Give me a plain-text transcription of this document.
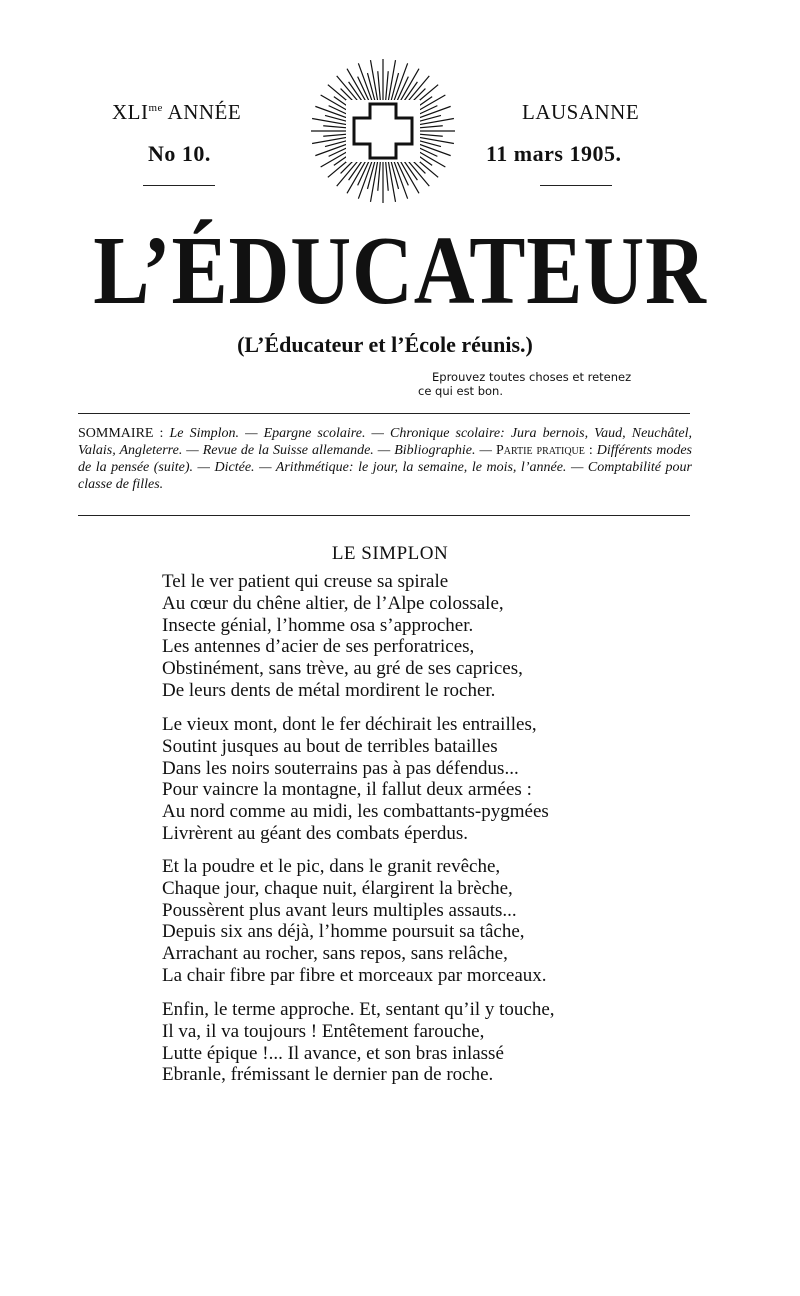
$XLI^{me}$ ANNÉE
No 10.
LAUSANNE
11 mars 1905.
L’ÉDUCATEUR
(L’Éducateur et l’École réunis.)
Eprouvez toutes choses et retenez
ce qui est bon.
SOMMAIRE : Le Simplon. — Epargne scolaire. — Chronique scolaire: Jura bernois, Vaud, Neuchâtel, Valais, Angleterre. — Revue de la Suisse allemande. — Bibliographie. — Partie pratique : Différents modes de la pensée (suite). — Dictée. — Arithmétique: le jour, la semaine, le mois, l’année. — Comptabilité pour classe de filles.
LE SIMPLON
Tel le ver patient qui creuse sa spirale
Au cœur du chêne altier, de l’Alpe colossale,
Insecte génial, l’homme osa s’approcher.
Les antennes d’acier de ses perforatrices,
Obstinément, sans trève, au gré de ses caprices,
De leurs dents de métal mordirent le rocher.
Le vieux mont, dont le fer déchirait les entrailles,
Soutint jusques au bout de terribles batailles
Dans les noirs souterrains pas à pas défendus...
Pour vaincre la montagne, il fallut deux armées :
Au nord comme au midi, les combattants-pygmées
Livrèrent au géant des combats éperdus.
Et la poudre et le pic, dans le granit revêche,
Chaque jour, chaque nuit, élargirent la brèche,
Poussèrent plus avant leurs multiples assauts...
Depuis six ans déjà, l’homme poursuit sa tâche,
Arrachant au rocher, sans repos, sans relâche,
La chair fibre par fibre et morceaux par morceaux.
Enfin, le terme approche. Et, sentant qu’il y touche,
Il va, il va toujours ! Entêtement farouche,
Lutte épique !... Il avance, et son bras inlassé
Ebranle, frémissant le dernier pan de roche.
